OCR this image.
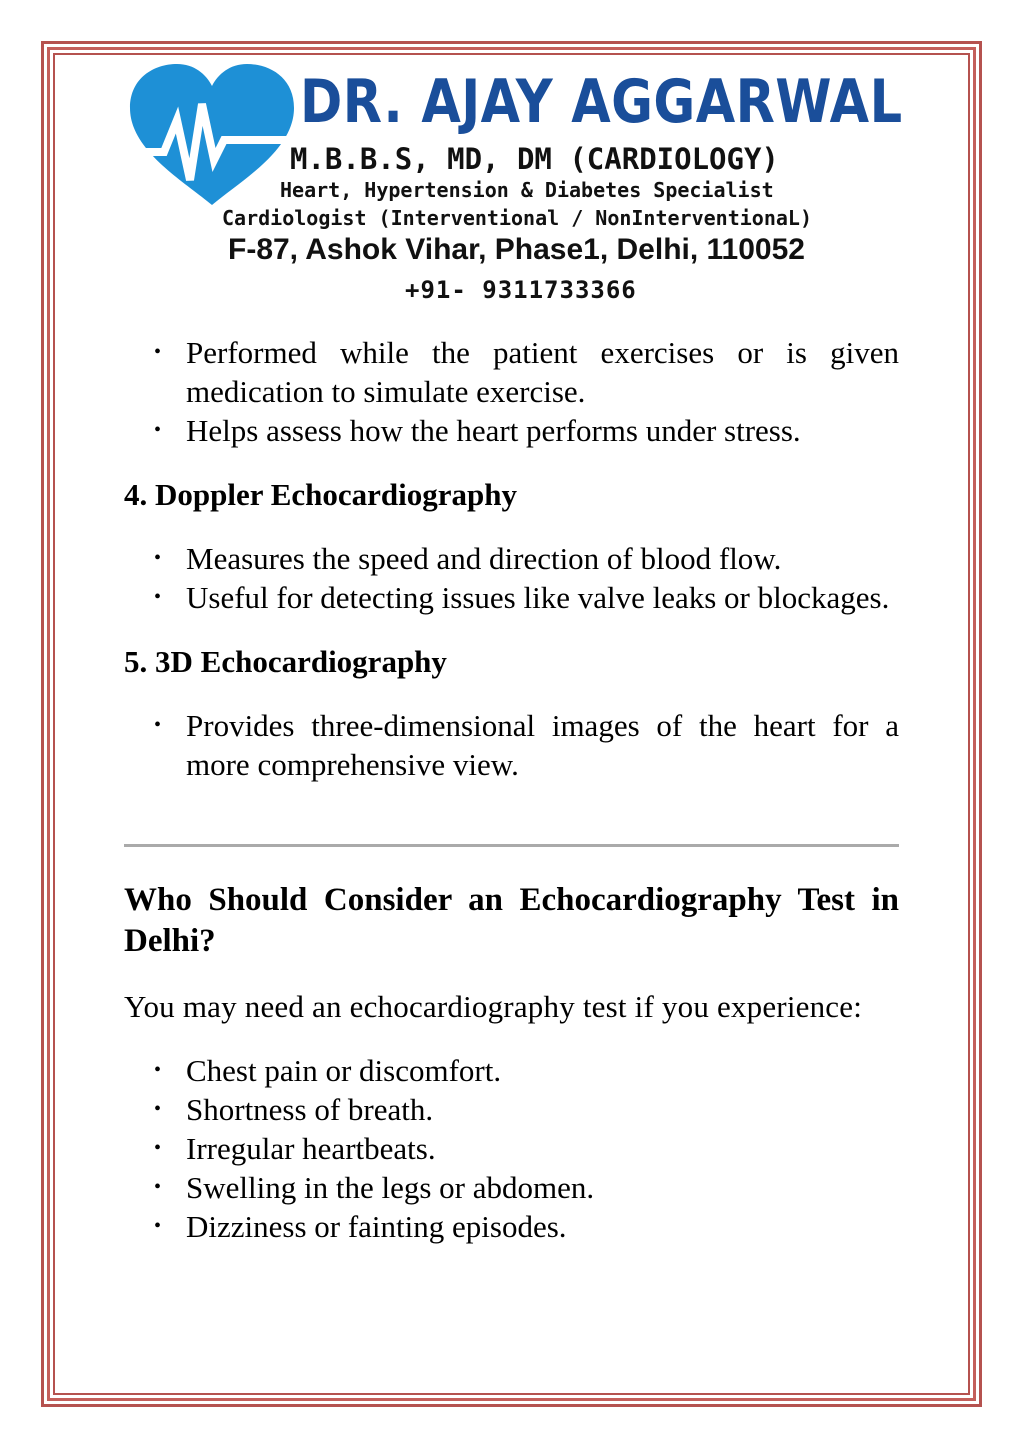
DR. AJAY AGGARWAL
M.B.B.S, MD, DM (CARDIOLOGY)
Heart, Hypertension & Diabetes Specialist
Cardiologist (Interventional / NonInterventionaL)
F-87, Ashok Vihar, Phase1, Delhi, 110052
+91- 9311733366
• Performed while the patient exercises or is given medication to simulate exercise.
• Helps assess how the heart performs under stress.
4. Doppler Echocardiography
• Measures the speed and direction of blood flow.
• Useful for detecting issues like valve leaks or blockages.
5. 3D Echocardiography
• Provides three-dimensional images of the heart for a more comprehensive view.
Who Should Consider an Echocardiography Test in Delhi?

You may need an echocardiography test if you experience:

• Chest pain or discomfort.
• Shortness of breath.
• Irregular heartbeats.
• Swelling in the legs or abdomen.
• Dizziness or fainting episodes.
